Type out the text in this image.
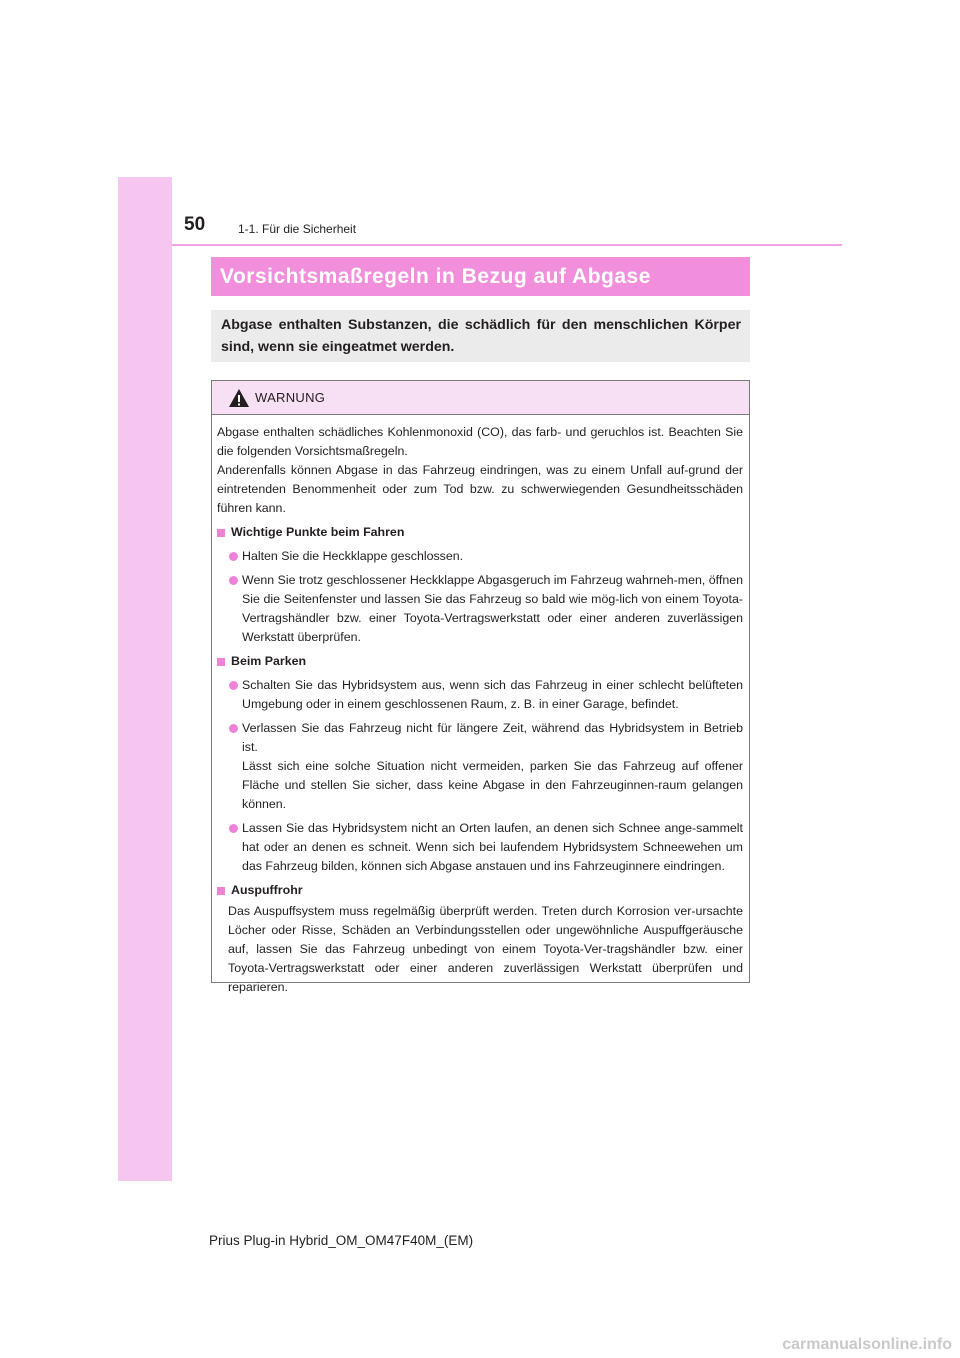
50	1-1. Für die Sicherheit
Vorsichtsmaßregeln in Bezug auf Abgase
Abgase enthalten Substanzen, die schädlich für den menschlichen Körper sind, wenn sie eingeatmet werden.
WARNUNG

Abgase enthalten schädliches Kohlenmonoxid (CO), das farb- und geruchlos ist. Beachten Sie die folgenden Vorsichtsmaßregeln.

Anderenfalls können Abgase in das Fahrzeug eindringen, was zu einem Unfall auf-grund der eintretenden Benommenheit oder zum Tod bzw. zu schwerwiegenden Gesundheitsschäden führen kann.

Wichtige Punkte beim Fahren
Halten Sie die Heckklappe geschlossen.
Wenn Sie trotz geschlossener Heckklappe Abgasgeruch im Fahrzeug wahrneh-men, öffnen Sie die Seitenfenster und lassen Sie das Fahrzeug so bald wie mög-lich von einem Toyota-Vertragshändler bzw. einer Toyota-Vertragswerkstatt oder einer anderen zuverlässigen Werkstatt überprüfen.
Beim Parken
Schalten Sie das Hybridsystem aus, wenn sich das Fahrzeug in einer schlecht belüfteten Umgebung oder in einem geschlossenen Raum, z. B. in einer Garage, befindet.
Verlassen Sie das Fahrzeug nicht für längere Zeit, während das Hybridsystem in Betrieb ist.
Lässt sich eine solche Situation nicht vermeiden, parken Sie das Fahrzeug auf offener Fläche und stellen Sie sicher, dass keine Abgase in den Fahrzeuginnen-raum gelangen können.
Lassen Sie das Hybridsystem nicht an Orten laufen, an denen sich Schnee ange-sammelt hat oder an denen es schneit. Wenn sich bei laufendem Hybridsystem Schneewehen um das Fahrzeug bilden, können sich Abgase anstauen und ins Fahrzeuginnere eindringen.
Auspuffrohr
Das Auspuffsystem muss regelmäßig überprüft werden. Treten durch Korrosion ver-ursachte Löcher oder Risse, Schäden an Verbindungsstellen oder ungewöhnliche Auspuffgeräusche auf, lassen Sie das Fahrzeug unbedingt von einem Toyota-Ver-tragshändler bzw. einer Toyota-Vertragswerkstatt oder einer anderen zuverlässigen Werkstatt überprüfen und reparieren.
Prius Plug-in Hybrid_OM_OM47F40M_(EM)
carmanualsonline.info
